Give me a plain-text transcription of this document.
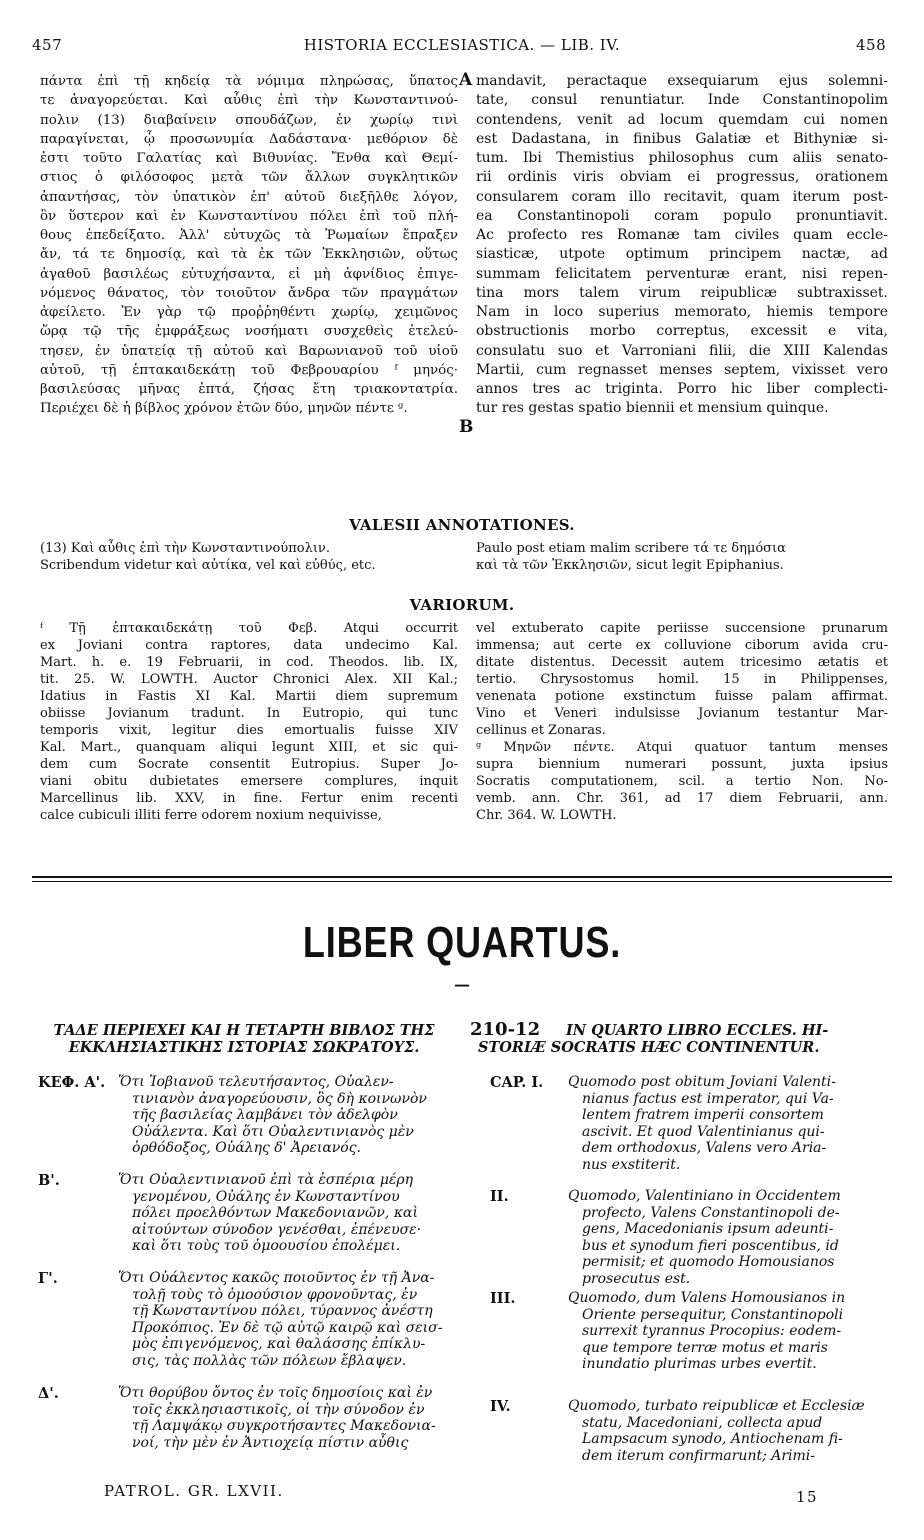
457	HISTORIA ECCLESIASTICA. — LIB. IV.	458
πάντα ἐπὶ τῇ κηδείᾳ τὰ νόμιμα πληρώσας, ὕπατος
τε ἀναγορεύεται. Καὶ αὖθις ἐπὶ τὴν Κωνσταντινού-
πολιν (13) διαβαίνειν σπουδάζων, ἐν χωρίῳ τινὶ
παραγίνεται, ᾧ προσωνυμία Δαδάστανα· μεθόριον δὲ
ἐστι τοῦτο Γαλατίας καὶ Βιθυνίας. Ἔνθα καὶ Θεμί-
στιος ὁ φιλόσοφος μετὰ τῶν ἄλλων συγκλητικῶν
ἀπαντήσας, τὸν ὑπατικὸν ἐπ' αὐτοῦ διεξῆλθε λόγον,
ὃν ὕστερον καὶ ἐν Κωνσταντίνου πόλει ἐπὶ τοῦ πλή-
θους ἐπεδείξατο. Ἀλλ' εὐτυχῶς τὰ Ῥωμαίων ἔπραξεν
ἄν, τά τε δημοσίᾳ, καὶ τὰ ἐκ τῶν Ἐκκλησιῶν, οὕτως
ἀγαθοῦ βασιλέως εὐτυχήσαντα, εἰ μὴ ἀφνίδιος ἐπιγε-
νόμενος θάνατος, τὸν τοιοῦτον ἄνδρα τῶν πραγμάτων
ἀφείλετο. Ἐν γὰρ τῷ προῤῥηθέντι χωρίῳ, χειμῶνος
ὥρᾳ τῷ τῆς ἐμφράξεως νοσήματι συσχεθεὶς ἐτελεύ-
τησεν, ἐν ὑπατείᾳ τῇ αὐτοῦ καὶ Βαρωνιανοῦ τοῦ υἱοῦ
αὐτοῦ, τῇ ἑπτακαιδεκάτῃ τοῦ Φεβρουαρίου ᶠ μηνός·
βασιλεύσας μῆνας ἑπτά, ζήσας ἔτη τριακοντατρία.
Περιέχει δὲ ἡ βίβλος χρόνον ἐτῶν δύο, μηνῶν πέντε ᵍ.
A
B
mandavit, peractaque exsequiarum ejus solemni-
tate, consul renuntiatur. Inde Constantinopolim
contendens, venit ad locum quemdam cui nomen
est Dadastana, in finibus Galatiæ et Bithyniæ si-
tum. Ibi Themistius philosophus cum aliis senato-
rii ordinis viris obviam ei progressus, orationem
consularem coram illo recitavit, quam iterum post-
ea Constantinopoli coram populo pronuntiavit.
Ac profecto res Romanæ tam civiles quam eccle-
siasticæ, utpote optimum principem nactæ, ad
summam felicitatem perventuræ erant, nisi repen-
tina mors talem virum reipublicæ subtraxisset.
Nam in loco superius memorato, hiemis tempore
obstructionis morbo correptus, excessit e vita,
consulatu suo et Varroniani filii, die XIII Kalendas
Martii, cum regnasset menses septem, vixisset vero
annos tres ac triginta. Porro hic liber complecti-
tur res gestas spatio biennii et mensium quinque.
VALESII ANNOTATIONES.
(13) Καὶ αὖθις ἐπὶ τὴν Κωνσταντινούπολιν.
Scribendum videtur καὶ αὐτίκα, vel καὶ εὐθύς, etc.
Paulo post etiam malim scribere τά τε δημόσια
καὶ τὰ τῶν Ἐκκλησιῶν, sicut legit Epiphanius.
VARIORUM.
ᶠ Τῇ ἑπτακαιδεκάτῃ τοῦ Φεβ. Atqui occurrit
ex Joviani contra raptores, data undecimo Kal.
Mart. h. e. 19 Februarii, in cod. Theodos. lib. IX,
tit. 25. W. LOWTH. Auctor Chronici Alex. XII Kal.;
Idatius in Fastis XI Kal. Martii diem supremum
obiisse Jovianum tradunt. In Eutropio, qui tunc
temporis vixit, legitur dies emortualis fuisse XIV
Kal. Mart., quanquam aliqui legunt XIII, et sic qui-
dem cum Socrate consentit Eutropius. Super Jo-
viani obitu dubietates emersere complures, inquit
Marcellinus lib. XXV, in fine. Fertur enim recenti
calce cubiculi illiti ferre odorem noxium nequivisse,
vel extuberato capite periisse succensione prunarum
immensa; aut certe ex colluvione ciborum avida cru-
ditate distentus. Decessit autem tricesimo ætatis et
tertio. Chrysostomus homil. 15 in Philippenses,
venenata potione exstinctum fuisse palam affirmat.
Vino et Veneri indulsisse Jovianum testantur Mar-
cellinus et Zonaras.
ᵍ Μηνῶν πέντε. Atqui quatuor tantum menses
supra biennium numerari possunt, juxta ipsius
Socratis computationem, scil. a tertio Non. No-
vemb. ann. Chr. 361, ad 17 diem Februarii, ann.
Chr. 364. W. LOWTH.
LIBER QUARTUS.
—
ΤΑΔΕ ΠΕΡΙΕΧΕΙ ΚΑΙ Η ΤΕΤΑΡΤΗ ΒΙΒΛΟΣ ΤΗΣ
ΕΚΚΛΗΣΙΑΣΤΙΚΗΣ ΙΣΤΟΡΙΑΣ ΣΩΚΡΑΤΟΥΣ.
210-12 IN QUARTO LIBRO ECCLES. HI-
STORIÆ SOCRATIS HÆC CONTINENTUR.
ΚΕΦ. Α'. Ὅτι Ἰοβιανοῦ τελευτήσαντος, Οὐαλεν-
τινιανὸν ἀναγορεύουσιν, ὃς δὴ κοινωνὸν
τῆς βασιλείας λαμβάνει τὸν ἀδελφὸν
Οὐάλεντα. Καὶ ὅτι Οὐαλεντινιανὸς μὲν
ὀρθόδοξος, Οὐάλης δ' Ἀρειανός.
Β'.	Ὅτι Οὐαλεντινιανοῦ ἐπὶ τὰ ἑσπέρια μέρη
γενομένου, Οὐάλης ἐν Κωνσταντίνου
πόλει προελθόντων Μακεδονιανῶν, καὶ
αἰτούντων σύνοδον γενέσθαι, ἐπένευσε·
καὶ ὅτι τοὺς τοῦ ὁμοουσίου ἐπολέμει.
Γ'.	Ὅτι Οὐάλεντος κακῶς ποιοῦντος ἐν τῇ Ἀνα-
τολῇ τοὺς τὸ ὁμοούσιον φρονοῦντας, ἐν
τῇ Κωνσταντίνου πόλει, τύραννος ἀνέστη
Προκόπιος. Ἐν δὲ τῷ αὐτῷ καιρῷ καὶ σεισ-
μὸς ἐπιγενόμενος, καὶ θαλάσσης ἐπίκλυ-
σις, τὰς πολλὰς τῶν πόλεων ἔβλαψεν.
Δ'.	Ὅτι θορύβου ὄντος ἐν τοῖς δημοσίοις καὶ ἐν
τοῖς ἐκκλησιαστικοῖς, οἱ τὴν σύνοδον ἐν
τῇ Λαμψάκῳ συγκροτήσαντες Μακεδονια-
νοί, τὴν μὲν ἐν Ἀντιοχείᾳ πίστιν αὖθις
CAP. I. Quomodo post obitum Joviani Valenti-
nianus factus est imperator, qui Va-
lentem fratrem imperii consortem
ascivit. Et quod Valentinianus qui-
dem orthodoxus, Valens vero Aria-
nus exstiterit.
II.	Quomodo, Valentiniano in Occidentem
profecto, Valens Constantinopoli de-
gens, Macedonianis ipsum adeunti-
bus et synodum fieri poscentibus, id
permisit; et quomodo Homousianos
prosecutus est.
III.	Quomodo, dum Valens Homousianos in
Oriente persequitur, Constantinopoli
surrexit tyrannus Procopius: eodem-
que tempore terræ motus et maris
inundatio plurimas urbes evertit.
IV.	Quomodo, turbato reipublicæ et Ecclesiæ
statu, Macedoniani, collecta apud
Lampsacum synodo, Antiochenam fi-
dem iterum confirmarunt; Arimi-
PATROL. GR. LXVII.	15
